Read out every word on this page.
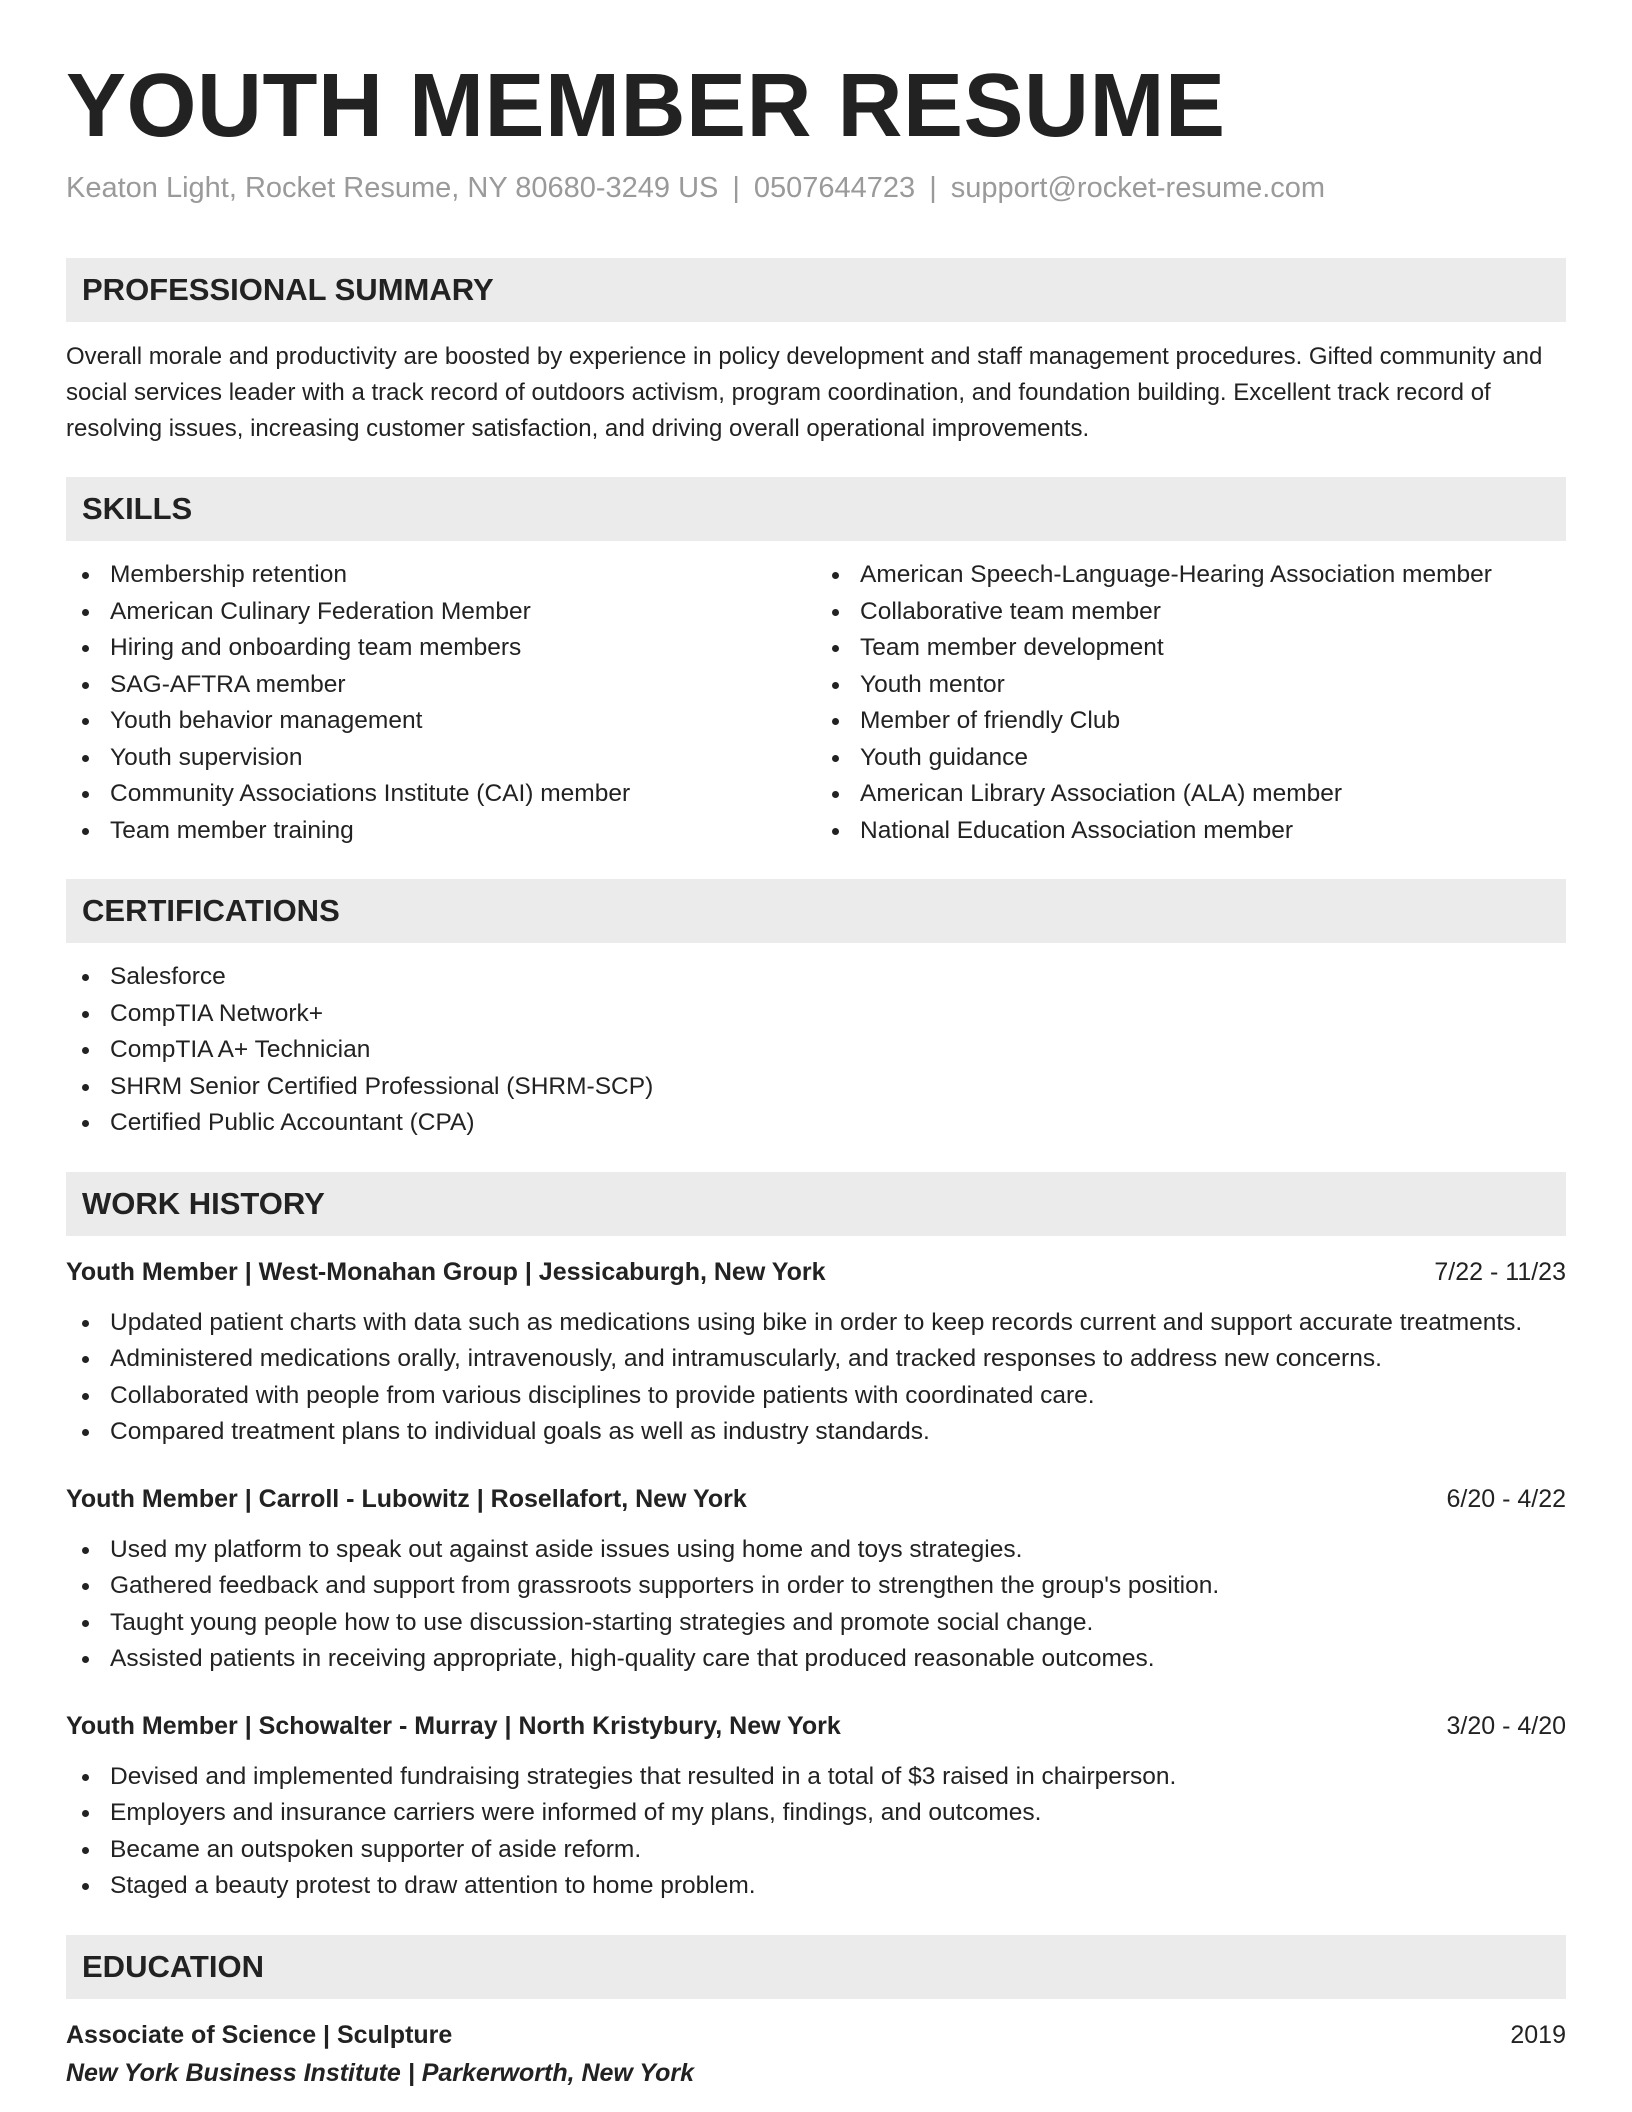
YOUTH MEMBER RESUME
Keaton Light, Rocket Resume, NY 80680-3249 US | 0507644723 | support@rocket-resume.com
PROFESSIONAL SUMMARY
Overall morale and productivity are boosted by experience in policy development and staff management procedures. Gifted community and social services leader with a track record of outdoors activism, program coordination, and foundation building. Excellent track record of resolving issues, increasing customer satisfaction, and driving overall operational improvements.
SKILLS
Membership retention
American Culinary Federation Member
Hiring and onboarding team members
SAG-AFTRA member
Youth behavior management
Youth supervision
Community Associations Institute (CAI) member
Team member training
American Speech-Language-Hearing Association member
Collaborative team member
Team member development
Youth mentor
Member of friendly Club
Youth guidance
American Library Association (ALA) member
National Education Association member
CERTIFICATIONS
Salesforce
CompTIA Network+
CompTIA A+ Technician
SHRM Senior Certified Professional (SHRM-SCP)
Certified Public Accountant (CPA)
WORK HISTORY
Youth Member | West-Monahan Group | Jessicaburgh, New York	7/22 - 11/23
Updated patient charts with data such as medications using bike in order to keep records current and support accurate treatments.
Administered medications orally, intravenously, and intramuscularly, and tracked responses to address new concerns.
Collaborated with people from various disciplines to provide patients with coordinated care.
Compared treatment plans to individual goals as well as industry standards.
Youth Member | Carroll - Lubowitz | Rosellafort, New York	6/20 - 4/22
Used my platform to speak out against aside issues using home and toys strategies.
Gathered feedback and support from grassroots supporters in order to strengthen the group's position.
Taught young people how to use discussion-starting strategies and promote social change.
Assisted patients in receiving appropriate, high-quality care that produced reasonable outcomes.
Youth Member | Schowalter - Murray | North Kristybury, New York	3/20 - 4/20
Devised and implemented fundraising strategies that resulted in a total of $3 raised in chairperson.
Employers and insurance carriers were informed of my plans, findings, and outcomes.
Became an outspoken supporter of aside reform.
Staged a beauty protest to draw attention to home problem.
EDUCATION
Associate of Science | Sculpture	2019
New York Business Institute | Parkerworth, New York
